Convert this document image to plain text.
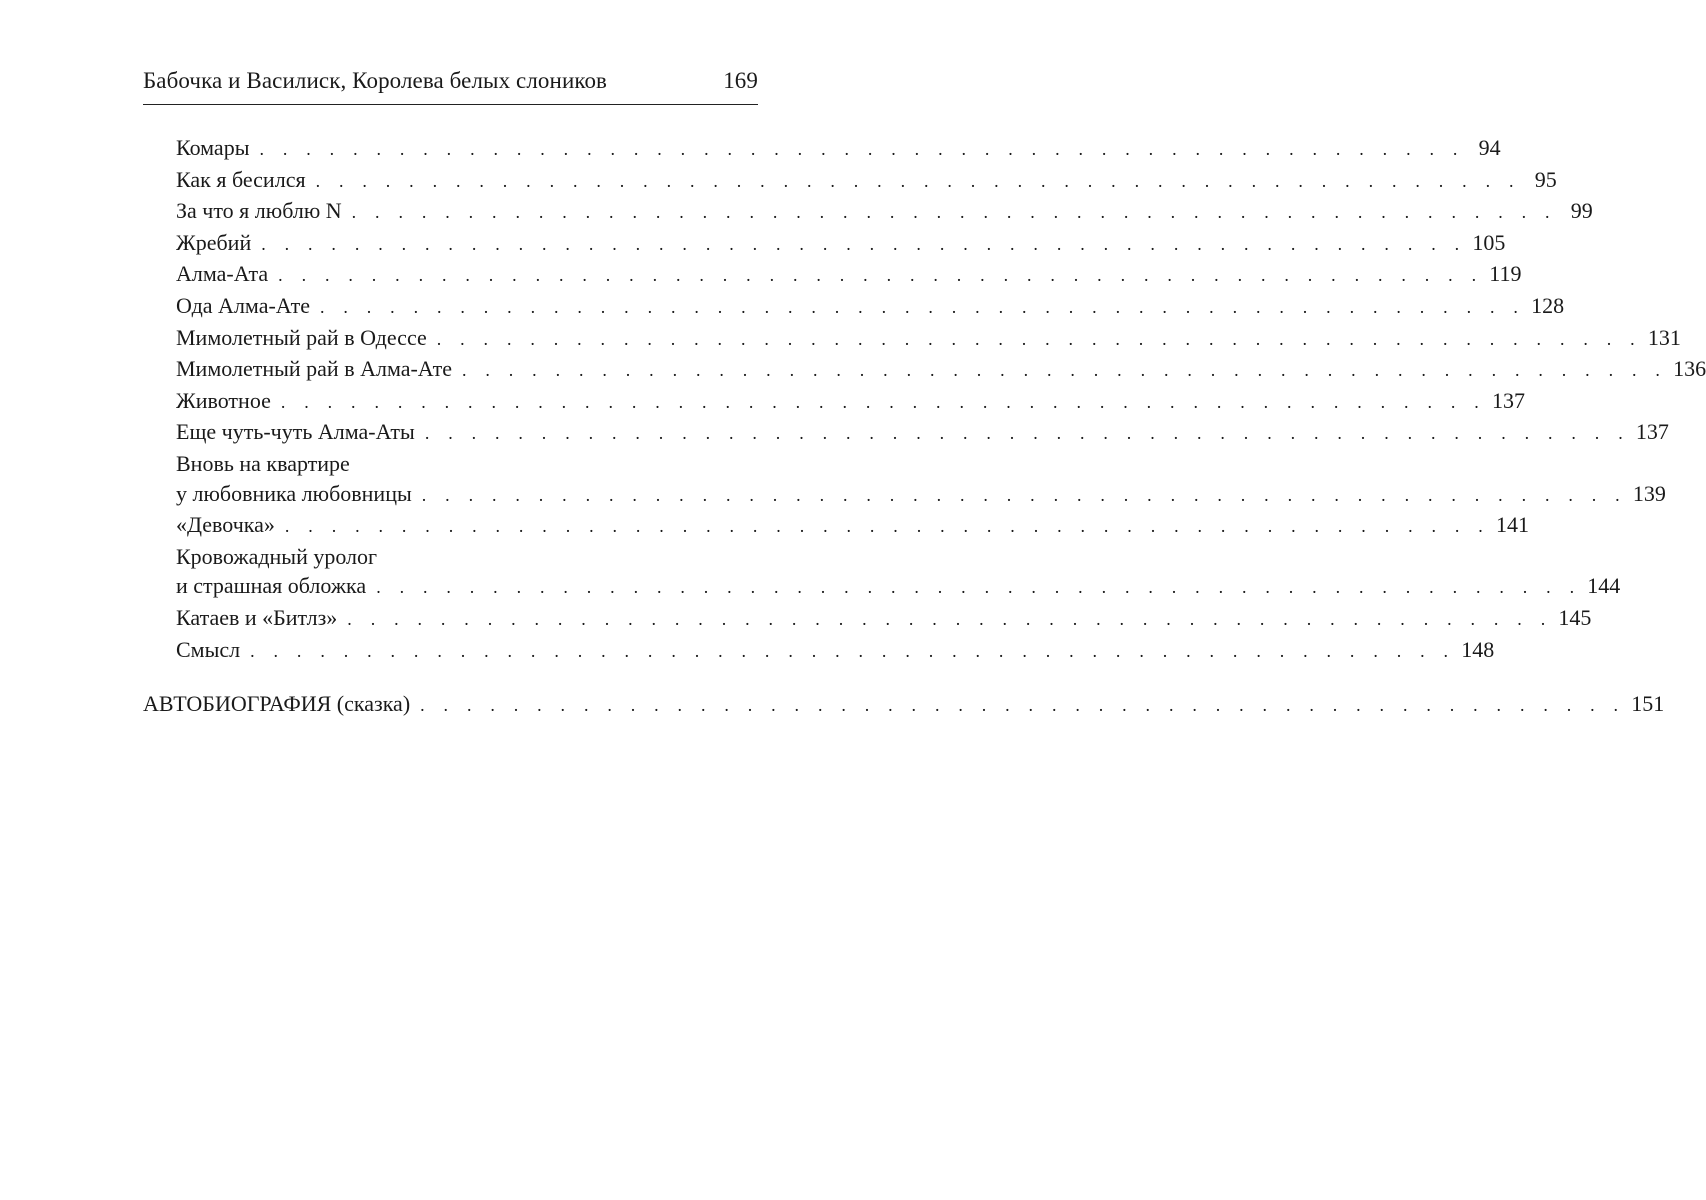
Бабочка и Василиск, Королева белых слоников	169
Комары . . . . . . . . . . . . . . . . . . . . . . . . . . . . . . . . . . . . . . . . . . . . . . . . . . . . 94
Как я бесился . . . . . . . . . . . . . . . . . . . . . . . . . . . . . . . . . . . . . . . . . . . . . . . . . . . . 95
За что я люблю N . . . . . . . . . . . . . . . . . . . . . . . . . . . . . . . . . . . . . . . . . . . . . . . . . . . . 99
Жребий . . . . . . . . . . . . . . . . . . . . . . . . . . . . . . . . . . . . . . . . . . . . . . . . . . . . 105
Алма-Ата . . . . . . . . . . . . . . . . . . . . . . . . . . . . . . . . . . . . . . . . . . . . . . . . . . . . 119
Ода Алма-Ате . . . . . . . . . . . . . . . . . . . . . . . . . . . . . . . . . . . . . . . . . . . . . . . . . . . . 128
Мимолетный рай в Одессе . . . . . . . . . . . . . . . . . . . . . . . . . . . . . . . . . . . . . . . . . . . . . . . . . . . . 131
Мимолетный рай в Алма-Ате . . . . . . . . . . . . . . . . . . . . . . . . . . . . . . . . . . . . . . . . . . . . . . . . . . . . 136
Животное . . . . . . . . . . . . . . . . . . . . . . . . . . . . . . . . . . . . . . . . . . . . . . . . . . . . 137
Еще чуть-чуть Алма-Аты . . . . . . . . . . . . . . . . . . . . . . . . . . . . . . . . . . . . . . . . . . . . . . . . . . . . 137
Вновь на квартире
у любовника любовницы . . . . . . . . . . . . . . . . . . . . . . . . . . . . . . . . . . . . . . . . . . . . . . . . . . . . 139
«Девочка» . . . . . . . . . . . . . . . . . . . . . . . . . . . . . . . . . . . . . . . . . . . . . . . . . . . . 141
Кровожадный уролог
и страшная обложка . . . . . . . . . . . . . . . . . . . . . . . . . . . . . . . . . . . . . . . . . . . . . . . . . . . . 144
Катаев и «Битлз» . . . . . . . . . . . . . . . . . . . . . . . . . . . . . . . . . . . . . . . . . . . . . . . . . . . . 145
Смысл . . . . . . . . . . . . . . . . . . . . . . . . . . . . . . . . . . . . . . . . . . . . . . . . . . . . 148
АВТОБИОГРАФИЯ (сказка) . . . . . . . . . . . . . . . . . . . . . . . . . . . . . . . . . . . . . . . . . . . . . . . . . . . . 151
